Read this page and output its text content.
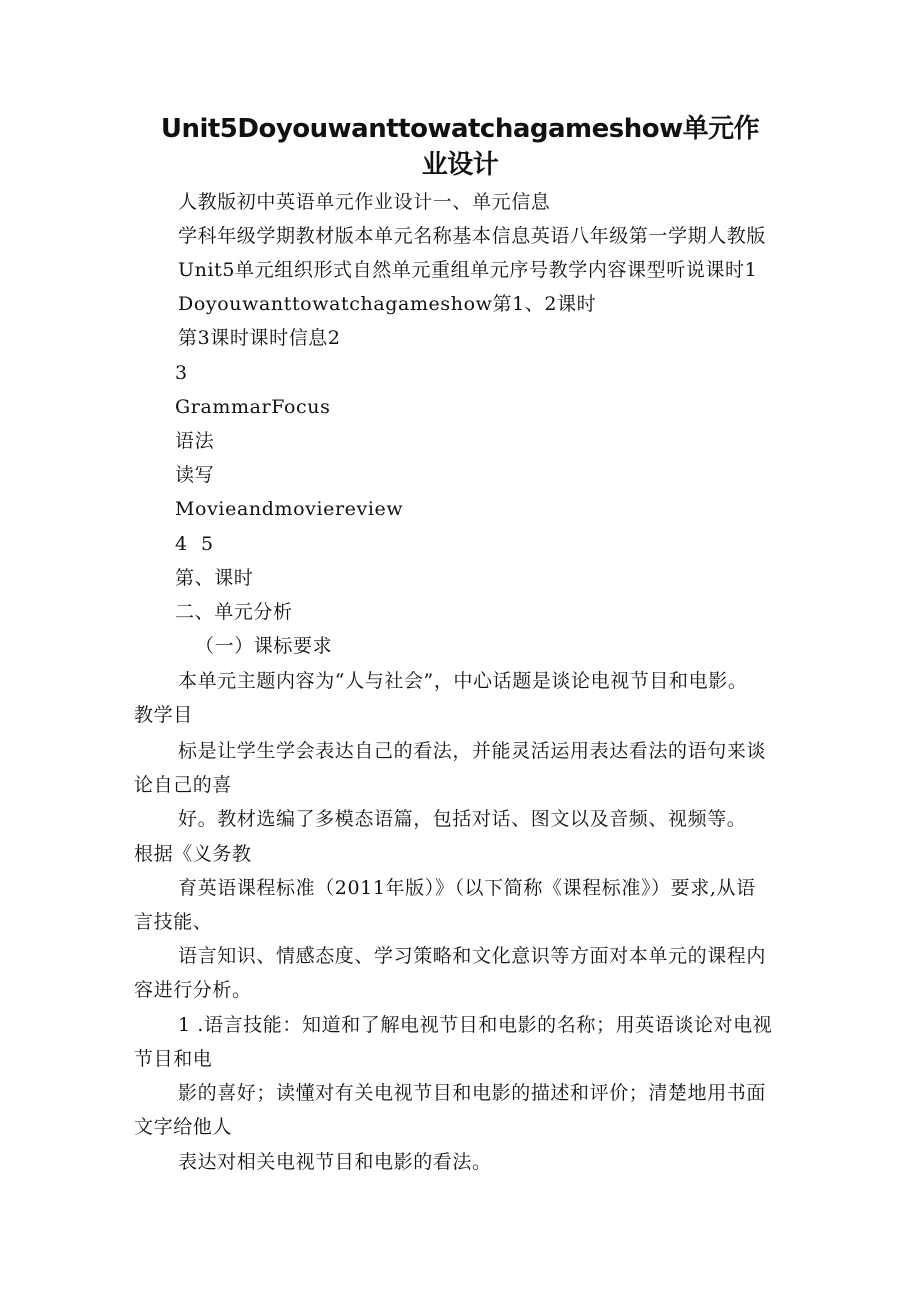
Unit5Doyouwanttowatchagameshow单元作
业设计

人教版初中英语单元作业设计一、单元信息

学科年级学期教材版本单元名称基本信息英语八年级第一学期人教版

Unit5单元组织形式自然单元重组单元序号教学内容课型听说课时1

Doyouwanttowatchagameshow第1、2课时

第3课时课时信息2

3

GrammarFocus

语法

读写

Movieandmoviereview

4  5

第、课时

二、单元分析

（一）课标要求

本单元主题内容为“人与社会”，中心话题是谈论电视节目和电影。

教学目

标是让学生学会表达自己的看法，并能灵活运用表达看法的语句来谈

论自己的喜

好。教材选编了多模态语篇，包括对话、图文以及音频、视频等。

根据《义务教

育英语课程标准（2011年版）》（以下简称《课程标准》）要求,从语

言技能、

语言知识、情感态度、学习策略和文化意识等方面对本单元的课程内

容进行分析。

1 .语言技能：知道和了解电视节目和电影的名称；用英语谈论对电视

节目和电

影的喜好；读懂对有关电视节目和电影的描述和评价；清楚地用书面

文字给他人

表达对相关电视节目和电影的看法。
